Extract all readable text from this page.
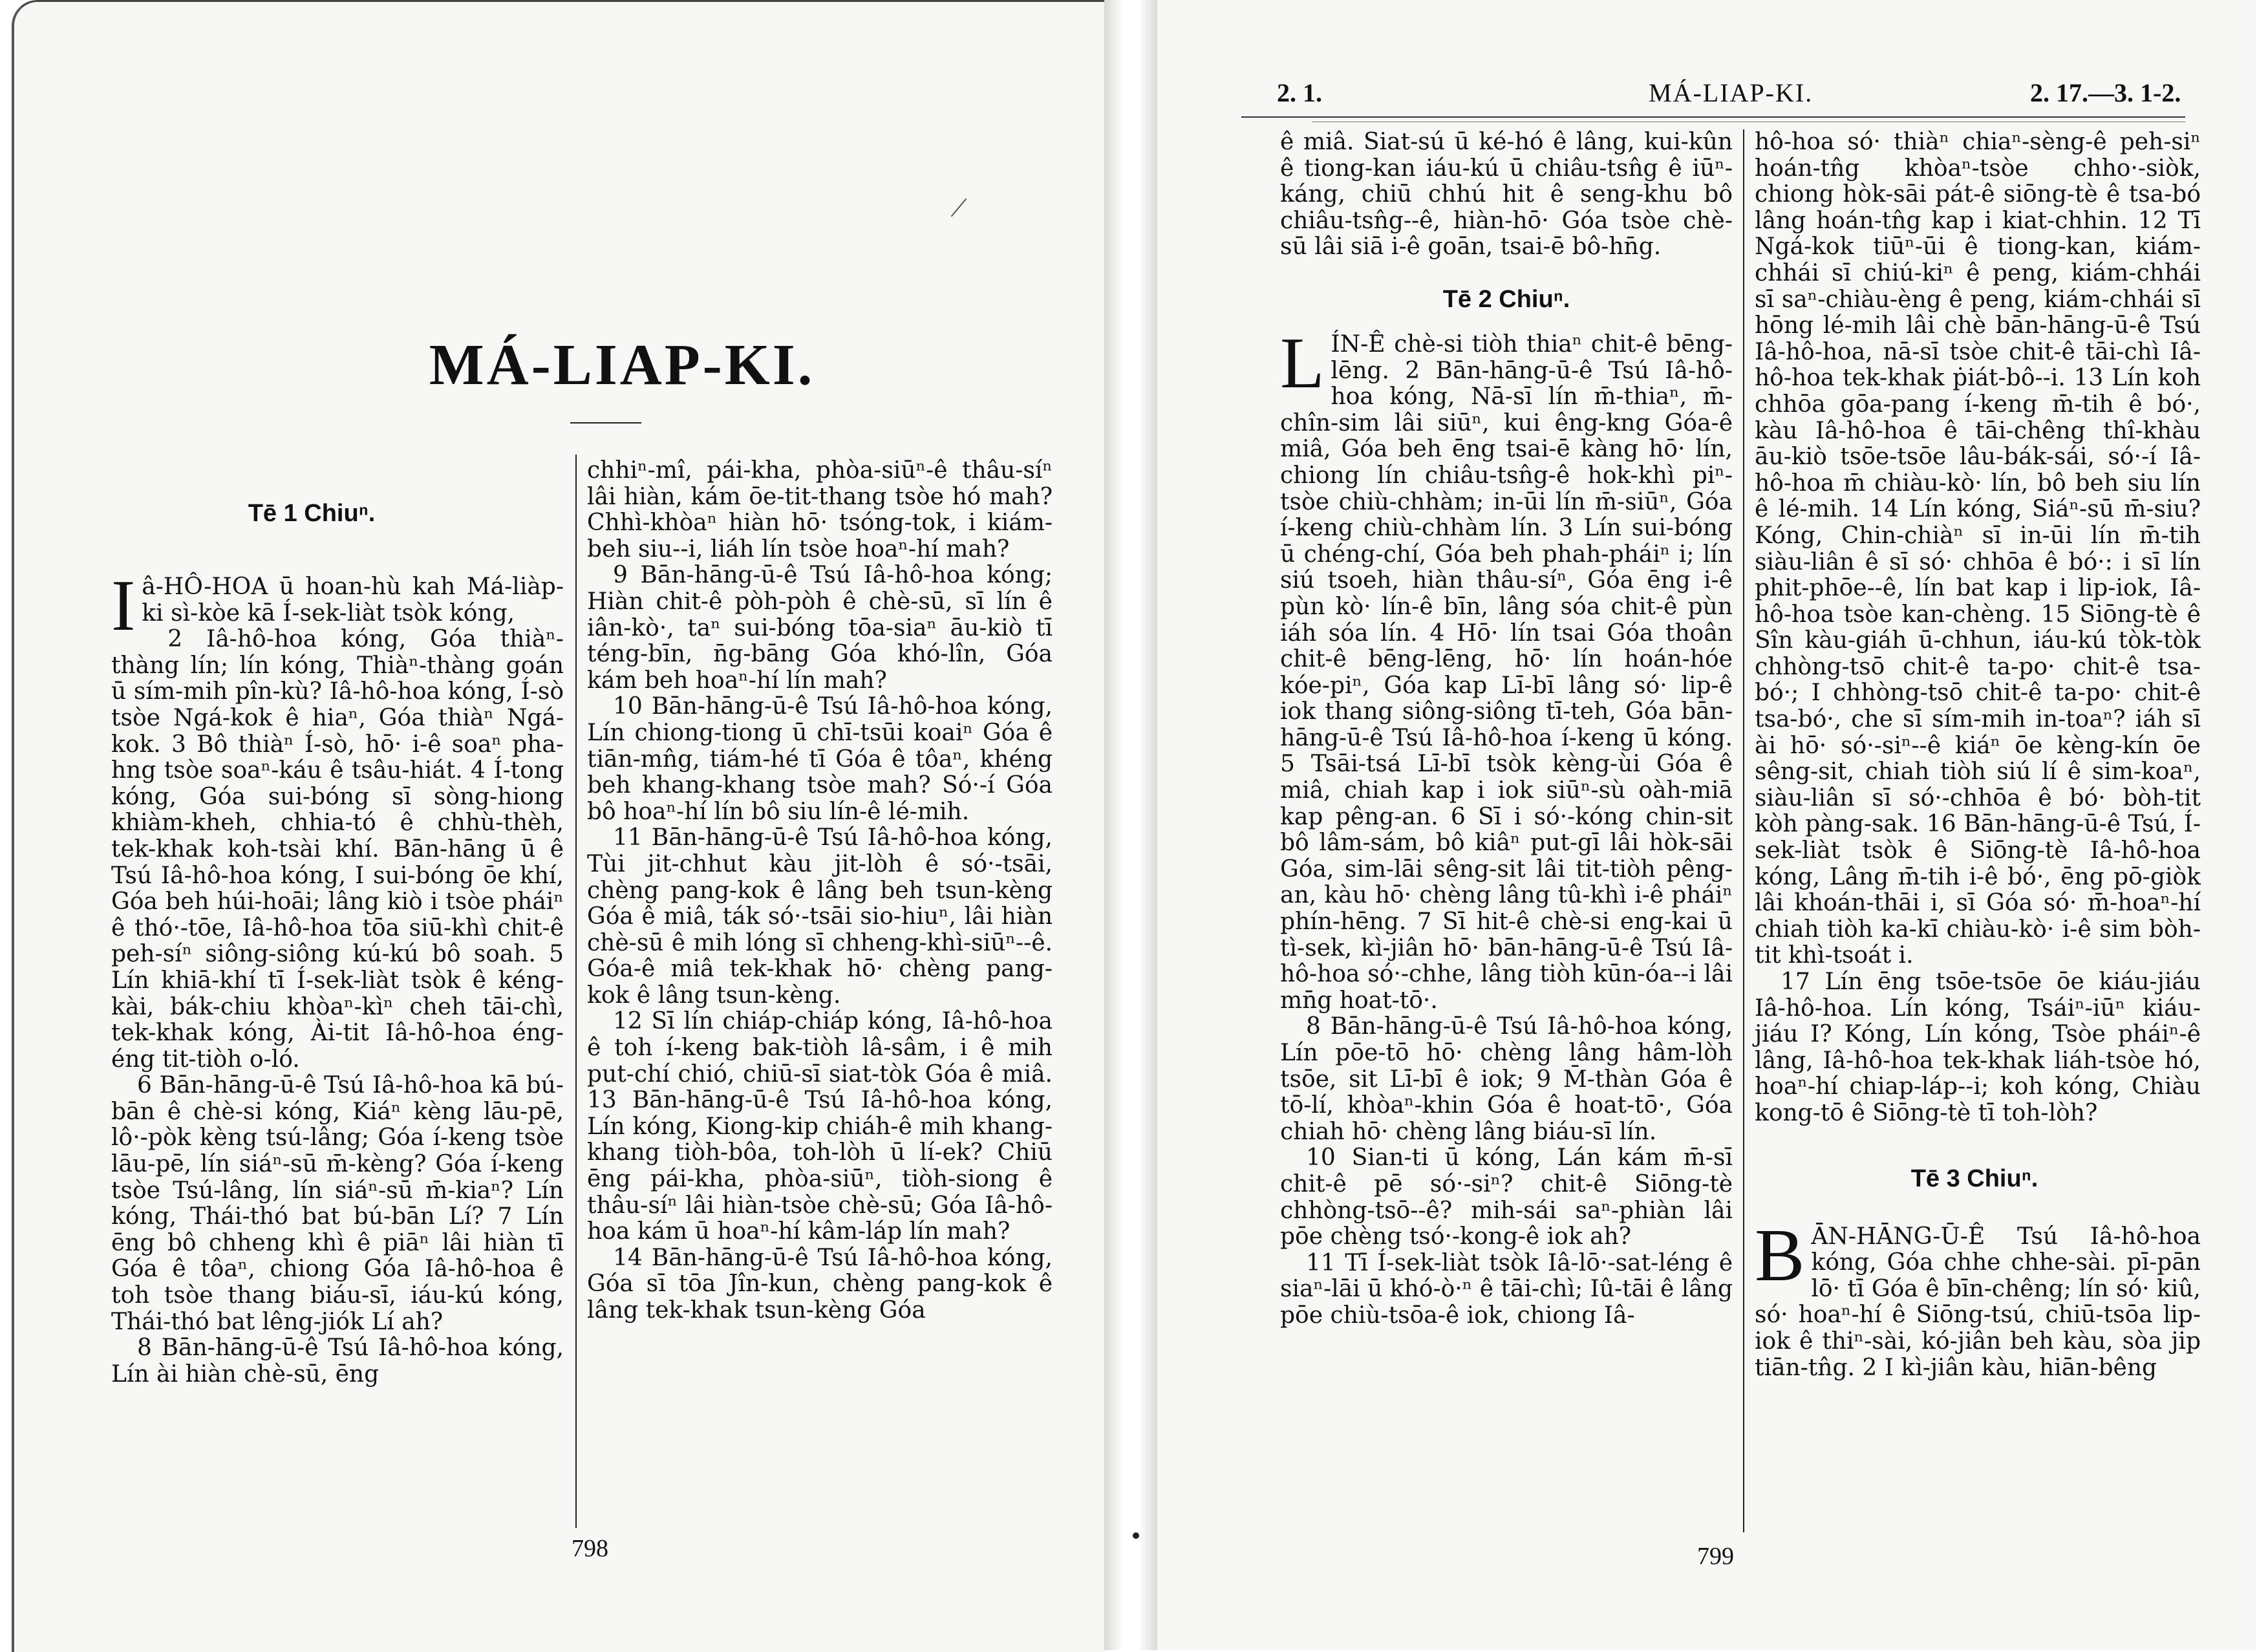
MÁ-LIAP-KI.
Tē 1 Chiuⁿ.

Iâ-HÔ-HOA ū hoan-hù kah Má-liàp-ki sì-kòe kā Í-sek-liàt tsòk kóng,

2 Iâ-hô-hoa kóng, Góa thiàⁿ-thàng lín; lín kóng, Thiàⁿ-thàng goán ū sím-mih pîn-kù? Iâ-hô-hoa kóng, Í-sò tsòe Ngá-kok ê hiaⁿ, Góa thiàⁿ Ngá-kok. 3 Bô thiàⁿ Í-sò, hō· i-ê soaⁿ pha-hng tsòe soaⁿ-káu ê tsâu-hiát. 4 Í-tong kóng, Góa sui-bóng sī sòng-hiong khiàm-kheh, chhia-tó ê chhù-thèh, tek-khak koh-tsài khí. Bān-hāng ū ê Tsú Iâ-hô-hoa kóng, I sui-bóng ōe khí, Góa beh húi-hoāi; lâng kiò i tsòe pháiⁿ ê thó·-tōe, Iâ-hô-hoa tōa siū-khì chit-ê peh-síⁿ siông-siông kú-kú bô soah. 5 Lín khiā-khí tī Í-sek-liàt tsòk ê kéng-kài, bák-chiu khòaⁿ-kìⁿ cheh tāi-chì, tek-khak kóng, Ài-tit Iâ-hô-hoa éng-éng tit-tiòh o-ló.

6 Bān-hāng-ū-ê Tsú Iâ-hô-hoa kā bú-bān ê chè-si kóng, Kiáⁿ kèng lāu-pē, lô·-pòk kèng tsú-lâng; Góa í-keng tsòe lāu-pē, lín siáⁿ-sū m̄-kèng? Góa í-keng tsòe Tsú-lâng, lín siáⁿ-sū m̄-kiaⁿ? Lín kóng, Thái-thó bat bú-bān Lí? 7 Lín ēng bô chheng khì ê piāⁿ lâi hiàn tī Góa ê tôaⁿ, chiong Góa Iâ-hô-hoa ê toh tsòe thang biáu-sī, iáu-kú kóng, Thái-thó bat lêng-jiók Lí ah?

8 Bān-hāng-ū-ê Tsú Iâ-hô-hoa kóng, Lín ài hiàn chè-sū, ēng

chhiⁿ-mî, pái-kha, phòa-siūⁿ-ê thâu-síⁿ lâi hiàn, kám ōe-tit-thang tsòe hó mah? Chhì-khòaⁿ hiàn hō· tsóng-tok, i kiám-beh siu--i, liáh lín tsòe hoaⁿ-hí mah?

9 Bān-hāng-ū-ê Tsú Iâ-hô-hoa kóng; Hiàn chit-ê pòh-pòh ê chè-sū, sī lín ê iân-kò·, taⁿ sui-bóng tōa-siaⁿ āu-kiò tī téng-bīn, n̄g-bāng Góa khó-lîn, Góa kám beh hoaⁿ-hí lín mah?

10 Bān-hāng-ū-ê Tsú Iâ-hô-hoa kóng, Lín chiong-tiong ū chī-tsūi koaiⁿ Góa ê tiān-mn̂g, tiám-hé tī Góa ê tôaⁿ, khéng beh khang-khang tsòe mah? Só·-í Góa bô hoaⁿ-hí lín bô siu lín-ê lé-mih.

11 Bān-hāng-ū-ê Tsú Iâ-hô-hoa kóng, Tùi jit-chhut kàu jit-lòh ê só·-tsāi, chèng pang-kok ê lâng beh tsun-kèng Góa ê miâ, ták só·-tsāi sio-hiuⁿ, lâi hiàn chè-sū ê mih lóng sī chheng-khì-siūⁿ--ê. Góa-ê miâ tek-khak hō· chèng pang-kok ê lâng tsun-kèng.

12 Sī lín chiáp-chiáp kóng, Iâ-hô-hoa ê toh í-keng bak-tiòh lâ-sâm, i ê mih put-chí chió, chiū-sī siat-tòk Góa ê miâ. 13 Bān-hāng-ū-ê Tsú Iâ-hô-hoa kóng, Lín kóng, Kiong-kip chiáh-ê mih khang-khang tiòh-bôa, toh-lòh ū lí-ek? Chiū ēng pái-kha, phòa-siūⁿ, tiòh-siong ê thâu-síⁿ lâi hiàn-tsòe chè-sū; Góa Iâ-hô-hoa kám ū hoaⁿ-hí kâm-láp lín mah?

14 Bān-hāng-ū-ê Tsú Iâ-hô-hoa kóng, Góa sī tōa Jîn-kun, chèng pang-kok ê lâng tek-khak tsun-kèng Góa

798
2. 1.	MÁ-LIAP-KI.	2. 17.—3. 1-2.

ê miâ. Siat-sú ū ké-hó ê lâng, kui-kûn ê tiong-kan iáu-kú ū chiâu-tsn̂g ê iūⁿ-káng, chiū chhú hit ê seng-khu bô chiâu-tsn̂g--ê, hiàn-hō· Góa tsòe chè-sū lâi siā i-ê goān, tsai-ē bô-hn̄g.

Tē 2 Chiuⁿ.

LÍN-Ê chè-si tiòh thiaⁿ chit-ê bēng-lēng. 2 Bān-hāng-ū-ê Tsú Iâ-hô-hoa kóng, Nā-sī lín m̄-thiaⁿ, m̄-chîn-sim lâi siūⁿ, kui êng-kng Góa-ê miâ, Góa beh ēng tsai-ē kàng hō· lín, chiong lín chiâu-tsn̂g-ê hok-khì piⁿ-tsòe chiù-chhàm; in-ūi lín m̄-siūⁿ, Góa í-keng chiù-chhàm lín. 3 Lín sui-bóng ū chéng-chí, Góa beh phah-pháiⁿ i; lín siú tsoeh, hiàn thâu-síⁿ, Góa ēng i-ê pùn kò· lín-ê bīn, lâng sóa chit-ê pùn iáh sóa lín. 4 Hō· lín tsai Góa thoân chit-ê bēng-lēng, hō· lín hoán-hóe kóe-piⁿ, Góa kap Lī-bī lâng só· lip-ê iok thang siông-siông tī-teh, Góa bān-hāng-ū-ê Tsú Iâ-hô-hoa í-keng ū kóng. 5 Tsāi-tsá Lī-bī tsòk kèng-ùi Góa ê miâ, chiah kap i iok siūⁿ-sù oàh-miā kap pêng-an. 6 Sī i só·-kóng chin-sit bô lâm-sám, bô kiâⁿ put-gī lâi hòk-sāi Góa, sim-lāi sêng-sit lâi tit-tiòh pêng-an, kàu hō· chèng lâng tû-khì i-ê pháiⁿ phín-hēng. 7 Sī hit-ê chè-si eng-kai ū tì-sek, kì-jiân hō· bān-hāng-ū-ê Tsú Iâ-hô-hoa só·-chhe, lâng tiòh kūn-óa--i lâi mn̄g hoat-tō·.

8 Bān-hāng-ū-ê Tsú Iâ-hô-hoa kóng, Lín pōe-tō hō· chèng lâng hâm-lòh tsōe, sit Lī-bī ê iok; 9 M̄-thàn Góa ê tō-lí, khòaⁿ-khin Góa ê hoat-tō·, Góa chiah hō· chèng lâng biáu-sī lín.

10 Sian-ti ū kóng, Lán kám m̄-sī chit-ê pē só·-siⁿ? chit-ê Siōng-tè chhòng-tsō--ê? mih-sái saⁿ-phiàn lâi pōe chèng tsó·-kong-ê iok ah?

11 Tī Í-sek-liàt tsòk Iâ-lō·-sat-léng ê siaⁿ-lāi ū khó-ò·ⁿ ê tāi-chì; Iû-tāi ê lâng pōe chiù-tsōa-ê iok, chiong Iâ-

hô-hoa só· thiàⁿ chiaⁿ-sèng-ê peh-siⁿ hoán-tn̂g khòaⁿ-tsòe chho·-siòk, chiong hòk-sāi pát-ê siōng-tè ê tsa-bó lâng hoán-tn̂g kap i kiat-chhin. 12 Tī Ngá-kok tiūⁿ-ūi ê tiong-kan, kiám-chhái sī chiú-kiⁿ ê peng, kiám-chhái sī saⁿ-chiàu-èng ê peng, kiám-chhái sī hōng lé-mih lâi chè bān-hāng-ū-ê Tsú Iâ-hô-hoa, nā-sī tsòe chit-ê tāi-chì Iâ-hô-hoa tek-khak ṗiát-bô--i. 13 Lín koh chhōa gōa-pang í-keng m̄-tih ê bó·, kàu Iâ-hô-hoa ê tāi-chêng thî-khàu āu-kiò tsōe-tsōe lâu-bák-sái, só·-í Iâ-hô-hoa m̄ chiàu-kò· lín, bô beh siu lín ê lé-mih. 14 Lín kóng, Siáⁿ-sū m̄-siu? Kóng, Chin-chiàⁿ sī in-ūi lín m̄-tih siàu-liân ê sī só· chhōa ê bó·: i sī lín phit-phōe--ê, lín bat kap i lip-iok, Iâ-hô-hoa tsòe kan-chèng. 15 Siōng-tè ê Sîn kàu-giáh ū-chhun, iáu-kú tòk-tòk chhòng-tsō chit-ê ta-po· chit-ê tsa-bó·; I chhòng-tsō chit-ê ta-po· chit-ê tsa-bó·, che sī sím-mih in-toaⁿ? iáh sī ài hō· só·-siⁿ--ê kiáⁿ ōe kèng-kín ōe sêng-sit, chiah tiòh siú lí ê sim-koaⁿ, siàu-liân sī só·-chhōa ê bó· bòh-tit kòh pàng-sak. 16 Bān-hāng-ū-ê Tsú, Í-sek-liàt tsòk ê Siōng-tè Iâ-hô-hoa kóng, Lâng m̄-tih i-ê bó·, ēng pō-giòk lâi khoán-thāi i, sī Góa só· m̄-hoaⁿ-hí chiah tiòh ka-kī chiàu-kò· i-ê sim bòh-tit khì-tsoát i.

17 Lín ēng tsōe-tsōe ōe kiáu-jiáu Iâ-hô-hoa. Lín kóng, Tsáiⁿ-iūⁿ kiáu-jiáu I? Kóng, Lín kóng, Tsòe pháiⁿ-ê lâng, Iâ-hô-hoa tek-khak liáh-tsòe hó, hoaⁿ-hí chiap-láp--i; koh kóng, Chiàu kong-tō ê Siōng-tè tī toh-lòh?

Tē 3 Chiuⁿ.

BĀN-HĀNG-Ū-Ê Tsú Iâ-hô-hoa kóng, Góa chhe chhe-sài. pī-pān lō· tī Góa ê bīn-chêng; lín só· kiû, só· hoaⁿ-hí ê Siōng-tsú, chiū-tsōa lip-iok ê thiⁿ-sài, kó-jiân beh kàu, sòa jip tiān-tn̂g. 2 I kì-jiân kàu, hiān-bêng

799
